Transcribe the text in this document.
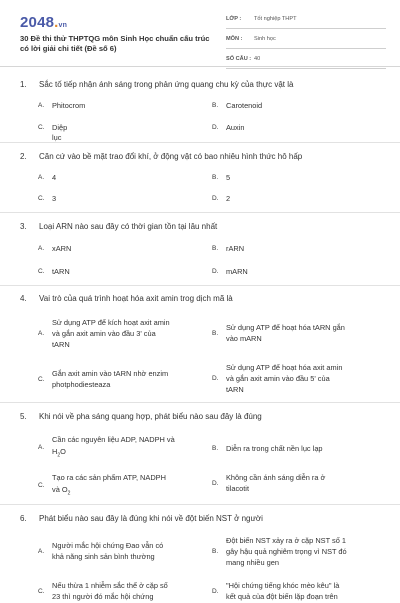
2048.vn
30 Đề thi thử THPTQG môn Sinh Học chuẩn cấu trúc có lời giải chi tiết (Đề số 6)
LỚP : Tốt nghiệp THPT
MÔN : Sinh học
SỐ CÂU : 40
1. Sắc tố tiếp nhận ánh sáng trong phản ứng quang chu kỳ của thực vật là
A. Phitocrom	B. Carotenoid
C. Diệp lục
D. Auxin
2. Căn cứ vào bề mặt trao đổi khí, ở động vật có bao nhiêu hình thức hô hấp
A. 4	B. 5
C. 3	D. 2
3. Loại ARN nào sau đây có thời gian tồn tại lâu nhất
A. xARN	B. rARN
C. tARN	D. mARN
4. Vai trò của quá trình hoạt hóa axit amin trog dịch mã là
A.
Sử dụng ATP để kích hoạt axit amin
và gắn axit amin vào đầu 3' của
tARN
B.
Sử dụng ATP để hoạt hóa tARN gắn
vào mARN
C.
Gắn axit amin vào tARN nhờ enzim
photphodiesteaza
D.
Sử dụng ATP để hoạt hóa axit amin
và gắn axit amin vào đầu 5' của
tARN
5. Khi nói về pha sáng quang hợp, phát biểu nào sau đây là đúng
A.
Cần các nguyên liệu ADP, NADPH và
$H_2O$	B. Diễn ra trong chất nền lục lạp
C.
Tạo ra các sản phẩm ATP, NADPH
và $O_2$
D.
Không cần ánh sáng diễn ra ở
tilacotit
6. Phát biểu nào sau đây là đúng khi nói về đột biến NST ở người
A.
Người mắc hội chứng Đao vẫn có
khả năng sinh sản bình thường
B.
Đột biến NST xảy ra ở cặp NST số 1
gây hậu quả nghiêm trọng vì NST đó
mang nhiều gen
C.
Nếu thừa 1 nhiễm sắc thể ở cặp số
23 thì người đó mắc hội chứng
D.
"Hội chứng tiếng khóc mèo kêu" là
kết quả của đột biến lặp đoạn trên
